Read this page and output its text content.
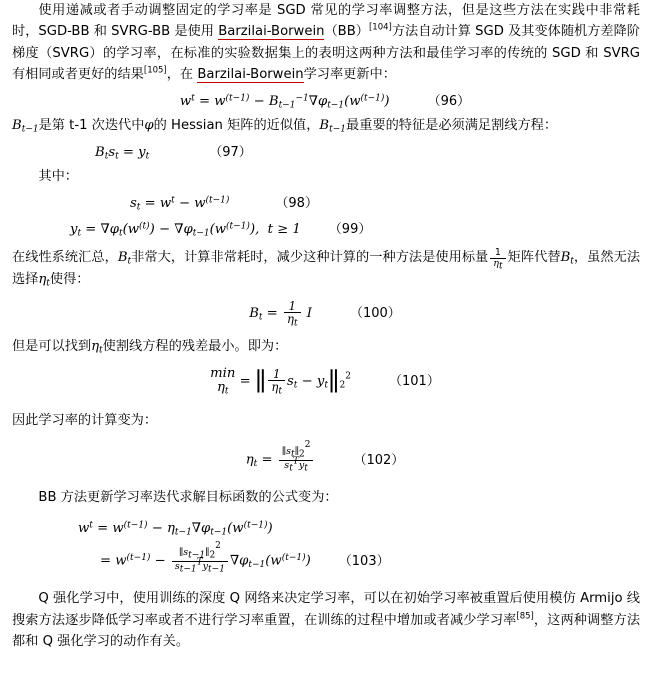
使用递减或者手动调整固定的学习率是 SGD 常见的学习率调整方法，但是这些方法在实践中非常耗时，SGD-BB 和 SVRG-BB 是使用 Barzilai-Borwein（BB）[104]方法自动计算 SGD 及其变体随机方差降阶梯度（SVRG）的学习率，在标准的实验数据集上的表明这两种方法和最佳学习率的传统的 SGD 和 SVRG 有相同或者更好的结果[105]，在 Barzilai-Borwein学习率更新中：

$w^t = w^{(t-1)} - B_{t-1}^{-1}\nabla\varphi_{t-1}(w^{(t-1)})$	（96）

$B_{t-1}$是第 t-1 次迭代中φ的 Hessian 矩阵的近似值，$B_{t-1}$最重要的特征是必须满足割线方程：

$B_ts_t = y_t$	（97）

其中：

$s_t = w^t - w^{(t-1)}$	（98）
$y_t = \nabla\varphi_t(w^{(t)}) - \nabla\varphi_{t-1}(w^{(t-1)})$,  t ≥ 1 （99）

在线性系统汇总，$B_t$非常大，计算非常耗时，减少这种计算的一种方法是使用标量 $\frac{1}{\eta_t}$ 矩阵代替$B_t$，虽然无法选择$\eta_t$使得：

$B_t = \frac{1}{\eta_t}$ I	（100）

但是可以找到$\eta_t$使割线方程的残差最小。即为：

min
$\eta_t$
= ∥ $\frac{1}{\eta_t} s_t$ − $y_t\parallel_2^2$	（101）

因此学习率的计算变为：

$\eta_t = \frac{\parallel s_t\parallel 22}{s_t^Ty_t}$	（102）

BB 方法更新学习率迭代求解目标函数的公式变为：

$w^t = w^{(t-1)} - \eta_{t-1}\nabla\varphi_{t-1}(w^{(t-1)})$
= $w^{(t-1)} - \frac{\parallel s_{t-1}\parallel 22}{s_{t-1}^Ty_{t-1}} \nabla\varphi_{t-1}(w^{(t-1)})$ （103）

Q 强化学习中，使用训练的深度 Q 网络来决定学习率，可以在初始学习率被重置后使用模仿 Armijo 线搜索方法逐步降低学习率或者不进行学习率重置，在训练的过程中增加或者减少学习率[85]，这两种调整方法都和 Q 强化学习的动作有关。
